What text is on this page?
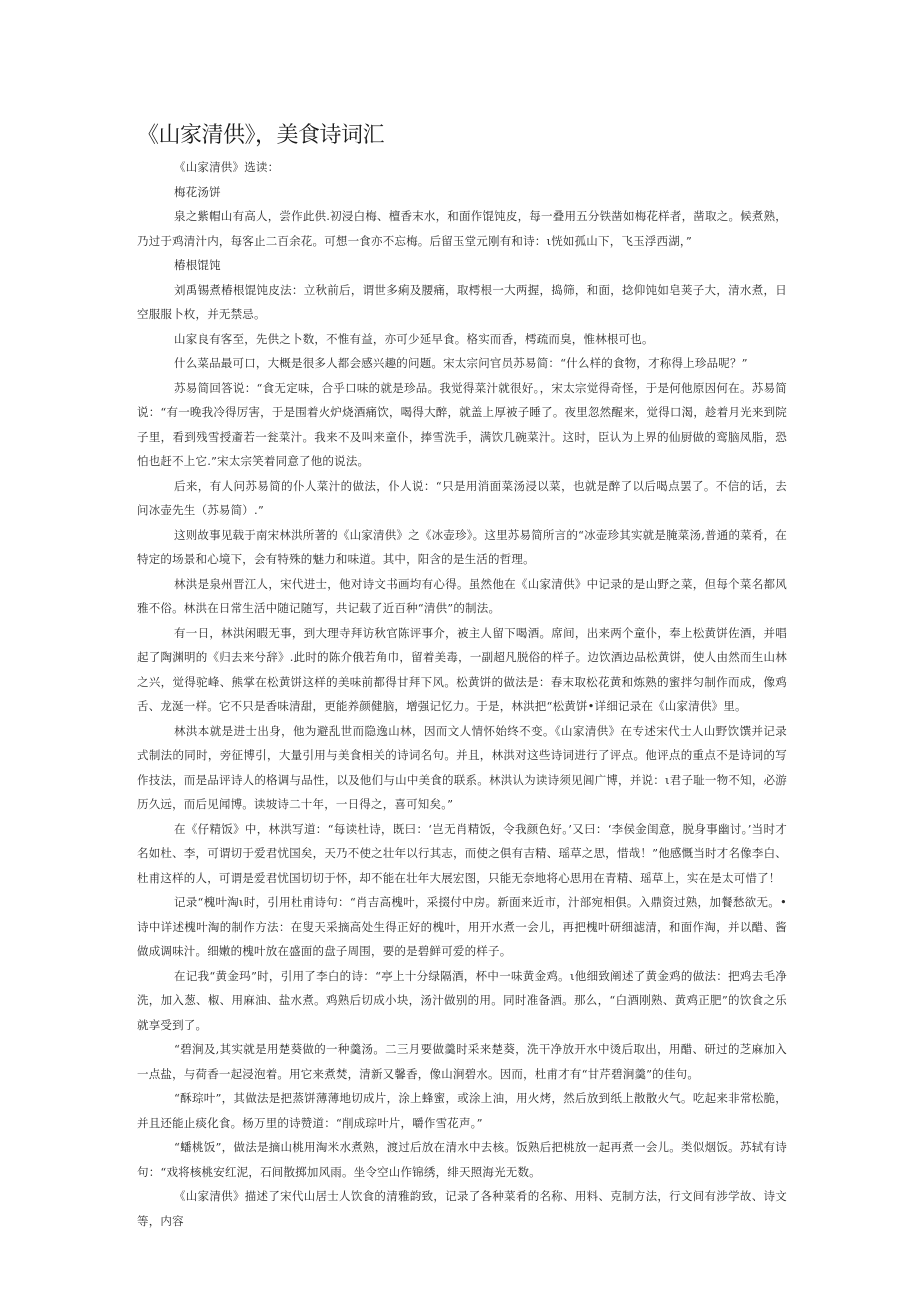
《山家清供》，美食诗词汇

《山家清供》选读：

梅花汤饼

泉之紫帽山有高人，尝作此供.初浸白梅、檀香末水，和面作馄饨皮，每一叠用五分铁凿如梅花样者，凿取之。候煮熟，乃过于鸡清汁内，每客止二百余花。可想一食亦不忘梅。后留玉堂元刚有和诗：ι恍如孤山下，飞玉浮西湖，”

椿根馄饨

刘禹锡煮椿根馄饨皮法：立秋前后，谓世多痢及腰痛，取樗根一大两握，捣筛，和面，捻仰饨如皂荚子大，清水煮，日空服服卜枚，并无禁忌。

山家良有客至，先供之卜数，不惟有益，亦可少延早食。格实而香，樗疏而臭，惟林根可也。

什么菜品最可口，大概是很多人都会感兴趣的问题。宋太宗问官员苏易简：“什么样的食物，才称得上珍品呢？”

苏易简回答说：“食无定味，合乎口味的就是珍品。我觉得菜汁就很好。，宋太宗觉得奇怪，于是何他原因何在。苏易简说：“有一晚我冷得厉害，于是围着火炉烧酒痛饮，喝得大醉，就盖上厚被子睡了。夜里忽然醒来，觉得口渴，趁着月光来到院子里，看到残雪授齑若一瓮菜汁。我来不及叫来童仆，捧雪洗手，满饮几碗菜汁。这时，臣认为上界的仙厨做的鸾脑凤脂，恐怕也赶不上它.”宋太宗笑着同意了他的说法。

后来，有人问苏易简的仆人菜汁的做法，仆人说：“只是用消面菜汤浸以菜，也就是醉了以后喝点罢了。不信的话，去问冰壶先生（苏易简）.”

这则故事见载于南宋林洪所著的《山家清供》之《冰壶珍》。这里苏易简所言的“冰壶珍其实就是腌菜汤,普通的菜肴，在特定的场景和心境下，会有特殊的魅力和味道。其中，阳含的是生活的哲理。

林洪是泉州晋江人，宋代进士，他对诗文书画均有心得。虽然他在《山家清供》中记录的是山野之菜，但每个菜名都风雅不俗。林洪在日常生活中随记随写，共记载了近百种“清供”的制法。

有一日，林洪闲暇无事，到大理寺拜访秋官陈评事介，被主人留下喝酒。席间，出来两个童仆，奉上松黄饼佐酒，并唱起了陶渊明的《归去来兮辞》.此时的陈介俄若角巾，留着美毒，一副超凡脱俗的样子。边饮酒边品松黄饼，使人由然而生山林之兴，觉得驼峰、熊掌在松黄饼这样的美味前都得甘拜下风。松黄饼的做法是：春末取松花黄和炼熟的蜜拌匀制作而成，像鸡舌、龙涎一样。它不只是香味清甜，更能养颜健脑，增强记忆力。于是，林洪把“松黄饼•详细记录在《山家清供》里。

林洪本就是进士出身，他为避乱世而隐逸山林，因而文人情怀始终不变。《山家清供》在专述宋代士人山野饮馔并记录式制法的同时，旁征博引，大量引用与美食相关的诗词名句。并且，林洪对这些诗词进行了评点。他评点的重点不是诗词的写作技法，而是品评诗人的格调与品性，以及他们与山中美食的联系。林洪认为读诗须见阊广博，并说：ι君子耻一物不知，必游历久远，而后见闻博。读坡诗二十年，一日得之，喜可知矣。”

在《仔精饭》中，林洪写道：“每读杜诗，既曰：‘岂无肖精饭，令我颜色好。’又曰：‘李侯金闺意，脱身事幽讨。’当时才名如杜、李，可谓切于爱君忧国矣，天乃不使之壮年以行其志，而使之俱有吉精、瑶草之思，惜哉！”他感慨当时才名像李白、杜甫这样的人，可谓是爱君忧国切切于怀，却不能在壮年大展宏图，只能无奈地将心思用在青精、瑶草上，实在是太可惜了！

记录“槐叶淘ι时，引用杜甫诗句：“肖吉高槐叶，采掇付中房。新面来近市，汁部宛相俱。入鼎资过熟，加餐愁欲无。•诗中详述槐叶淘的制作方法：在叟天采摘高处生得正好的槐叶，用开水煮一会儿，再把槐叶研细滤清，和面作淘，并以醋、酱做成调味汁。细嫩的槐叶放在盛面的盘子周围，要的是碧鲜可爱的样子。

在记我“黄金玛”时，引用了李白的诗：“亭上十分绿隔酒，杯中一味黄金鸡。ι他细致阐述了黄金鸡的做法：把鸡去毛净洗，加入葱、椒、用麻油、盐水煮。鸡熟后切成小块，汤汁做别的用。同时准备酒。那么，“白酒刚熟、黄鸡正肥”的饮食之乐就享受到了。

“碧涧及,其实就是用楚葵做的一种羹汤。二三月要做羹时采来楚葵，洗干净放开水中烫后取出，用醋、研过的芝麻加入一点盐，与荷香一起浸泡着。用它来煮焚，清新又馨香，像山涧碧水。因而，杜甫才有“甘芹碧涧羹”的佳句。

“酥琮叶”，其做法是把蒸饼薄薄地切成片，涂上蜂蜜，或涂上油，用火烤，然后放到纸上散散火气。吃起来非常松脆，并且还能止痰化食。杨万里的诗赞道：“削成琮叶片，嚼作雪花声。”

“蟠桃饭”，做法是摘山桃用淘米水煮熟，渡过后放在清水中去核。饭熟后把桃放一起再煮一会儿。类似烟饭。苏轼有诗句：“戏将核桃安红泥，石间散掷加风雨。坐令空山作锦绣，绯天照海光无数。

《山家清供》描述了宋代山居士人饮食的清雅韵致，记录了各种菜肴的名称、用料、克制方法，行文间有涉学故、诗文等，内容
